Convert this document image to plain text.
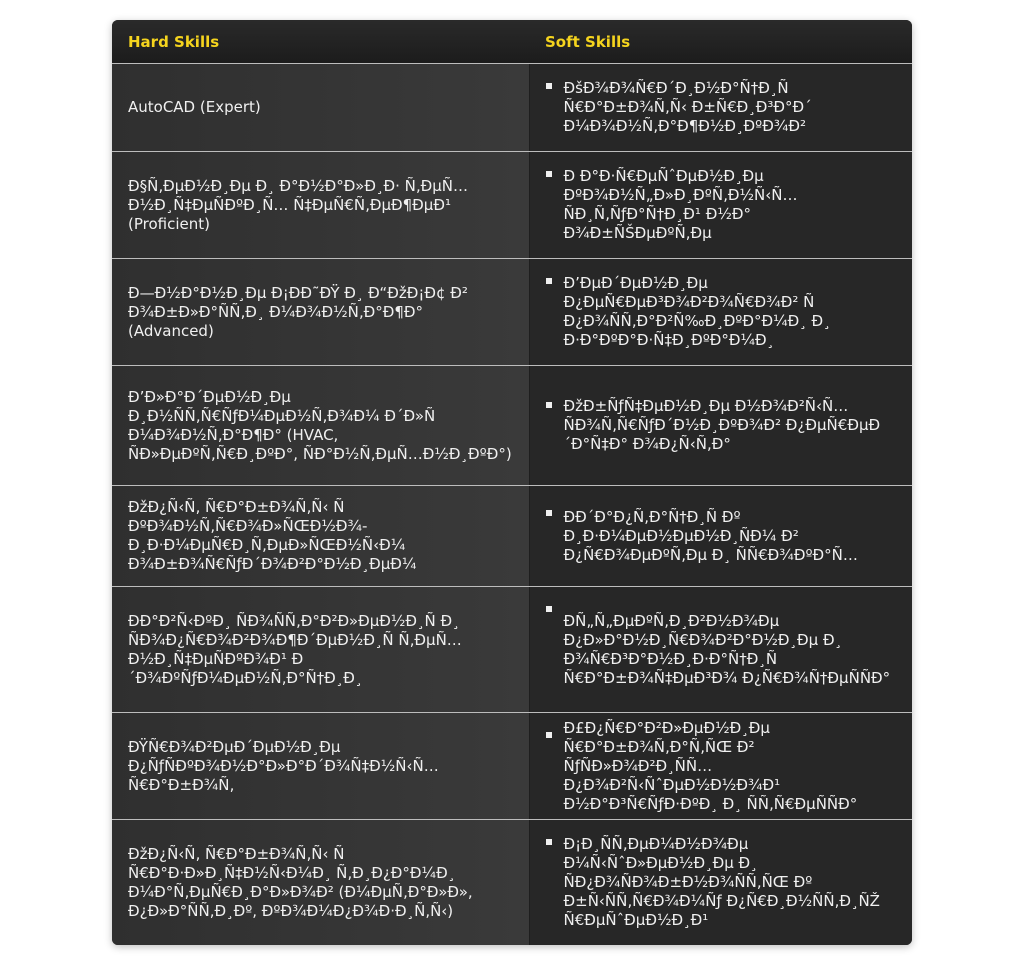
Hard Skills	Soft Skills

AutoCAD (Expert)	ÐšÐ¾Ð¾Ñ€Ð´Ð¸Ð½Ð°Ñ†Ð¸Ñ Ñ€Ð°Ð±Ð¾Ñ‚Ñ‹ Ð±Ñ€Ð¸Ð³Ð°Ð´ Ð¼Ð¾Ð½Ñ‚Ð°Ð¶Ð½Ð¸ÐºÐ¾Ð²

Ð§Ñ‚ÐµÐ½Ð¸Ðµ Ð¸ Ð°Ð½Ð°Ð»Ð¸Ð· Ñ‚ÐµÑ…Ð½Ð¸Ñ‡ÐµÑÐºÐ¸Ñ… Ñ‡ÐµÑ€Ñ‚ÐµÐ¶ÐµÐ¹ (Proficient)	Ð Ð°Ð·Ñ€ÐµÑˆÐµÐ½Ð¸Ðµ ÐºÐ¾Ð½Ñ„Ð»Ð¸ÐºÑ‚Ð½Ñ‹Ñ… ÑÐ¸Ñ‚ÑƒÐ°Ñ†Ð¸Ð¹ Ð½Ð° Ð¾Ð±ÑŠÐµÐºÑ‚Ðµ

Ð—Ð½Ð°Ð½Ð¸Ðµ Ð¡ÐÐ˜ÐŸ Ð¸ Ð“ÐžÐ¡Ð¢ Ð² Ð¾Ð±Ð»Ð°ÑÑ‚Ð¸ Ð¼Ð¾Ð½Ñ‚Ð°Ð¶Ð° (Advanced)	Ð’ÐµÐ´ÐµÐ½Ð¸Ðµ Ð¿ÐµÑ€ÐµÐ³Ð¾Ð²Ð¾Ñ€Ð¾Ð² Ñ Ð¿Ð¾ÑÑ‚Ð°Ð²Ñ‰Ð¸ÐºÐ°Ð¼Ð¸ Ð¸ Ð·Ð°ÐºÐ°Ð·Ñ‡Ð¸ÐºÐ°Ð¼Ð¸

Ð’Ð»Ð°Ð´ÐµÐ½Ð¸Ðµ Ð¸Ð½ÑÑ‚Ñ€ÑƒÐ¼ÐµÐ½Ñ‚Ð¾Ð¼ Ð´Ð»Ñ Ð¼Ð¾Ð½Ñ‚Ð°Ð¶Ð° (HVAC, ÑÐ»ÐµÐºÑ‚Ñ€Ð¸ÐºÐ°, ÑÐ°Ð½Ñ‚ÐµÑ…Ð½Ð¸ÐºÐ°)	ÐžÐ±ÑƒÑ‡ÐµÐ½Ð¸Ðµ Ð½Ð¾Ð²Ñ‹Ñ… ÑÐ¾Ñ‚Ñ€ÑƒÐ´Ð½Ð¸ÐºÐ¾Ð² Ð¿ÐµÑ€ÐµÐ´Ð°Ñ‡Ð° Ð¾Ð¿Ñ‹Ñ‚Ð°

ÐžÐ¿Ñ‹Ñ‚ Ñ€Ð°Ð±Ð¾Ñ‚Ñ‹ Ñ ÐºÐ¾Ð½Ñ‚Ñ€Ð¾Ð»ÑŒÐ½Ð¾-Ð¸Ð·Ð¼ÐµÑ€Ð¸Ñ‚ÐµÐ»ÑŒÐ½Ñ‹Ð¼ Ð¾Ð±Ð¾Ñ€ÑƒÐ´Ð¾Ð²Ð°Ð½Ð¸ÐµÐ¼	ÐÐ´Ð°Ð¿Ñ‚Ð°Ñ†Ð¸Ñ Ðº Ð¸Ð·Ð¼ÐµÐ½ÐµÐ½Ð¸ÑÐ¼ Ð² Ð¿Ñ€Ð¾ÐµÐºÑ‚Ðµ Ð¸ ÑÑ€Ð¾ÐºÐ°Ñ…

ÐÐ°Ð²Ñ‹ÐºÐ¸ ÑÐ¾ÑÑ‚Ð°Ð²Ð»ÐµÐ½Ð¸Ñ Ð¸ ÑÐ¾Ð¿Ñ€Ð¾Ð²Ð¾Ð¶Ð´ÐµÐ½Ð¸Ñ Ñ‚ÐµÑ…Ð½Ð¸Ñ‡ÐµÑÐºÐ¾Ð¹ Ð´Ð¾ÐºÑƒÐ¼ÐµÐ½Ñ‚Ð°Ñ†Ð¸Ð¸	ÐÑ„Ñ„ÐµÐºÑ‚Ð¸Ð²Ð½Ð¾Ðµ Ð¿Ð»Ð°Ð½Ð¸Ñ€Ð¾Ð²Ð°Ð½Ð¸Ðµ Ð¸ Ð¾Ñ€Ð³Ð°Ð½Ð¸Ð·Ð°Ñ†Ð¸Ñ Ñ€Ð°Ð±Ð¾Ñ‡ÐµÐ³Ð¾ Ð¿Ñ€Ð¾Ñ†ÐµÑÑÐ°

ÐŸÑ€Ð¾Ð²ÐµÐ´ÐµÐ½Ð¸Ðµ Ð¿ÑƒÑÐºÐ¾Ð½Ð°Ð»Ð°Ð´Ð¾Ñ‡Ð½Ñ‹Ñ… Ñ€Ð°Ð±Ð¾Ñ‚	Ð£Ð¿Ñ€Ð°Ð²Ð»ÐµÐ½Ð¸Ðµ Ñ€Ð°Ð±Ð¾Ñ‚Ð°Ñ‚ÑŒ Ð² ÑƒÑÐ»Ð¾Ð²Ð¸ÑÑ… Ð¿Ð¾Ð²Ñ‹ÑˆÐµÐ½Ð½Ð¾Ð¹ Ð½Ð°Ð³Ñ€ÑƒÐ·ÐºÐ¸ Ð¸ ÑÑ‚Ñ€ÐµÑÑÐ°

ÐžÐ¿Ñ‹Ñ‚ Ñ€Ð°Ð±Ð¾Ñ‚Ñ‹ Ñ Ñ€Ð°Ð·Ð»Ð¸Ñ‡Ð½Ñ‹Ð¼Ð¸ Ñ‚Ð¸Ð¿Ð°Ð¼Ð¸ Ð¼Ð°Ñ‚ÐµÑ€Ð¸Ð°Ð»Ð¾Ð² (Ð¼ÐµÑ‚Ð°Ð»Ð», Ð¿Ð»Ð°ÑÑ‚Ð¸Ðº, ÐºÐ¾Ð¼Ð¿Ð¾Ð·Ð¸Ñ‚Ñ‹)	Ð¡Ð¸ÑÑ‚ÐµÐ¼Ð½Ð¾Ðµ Ð¼Ñ‹ÑˆÐ»ÐµÐ½Ð¸Ðµ Ð¸ ÑÐ¿Ð¾ÑÐ¾Ð±Ð½Ð¾ÑÑ‚ÑŒ Ðº Ð±Ñ‹ÑÑ‚Ñ€Ð¾Ð¼Ñƒ Ð¿Ñ€Ð¸Ð½ÑÑ‚Ð¸ÑŽ Ñ€ÐµÑˆÐµÐ½Ð¸Ð¹
